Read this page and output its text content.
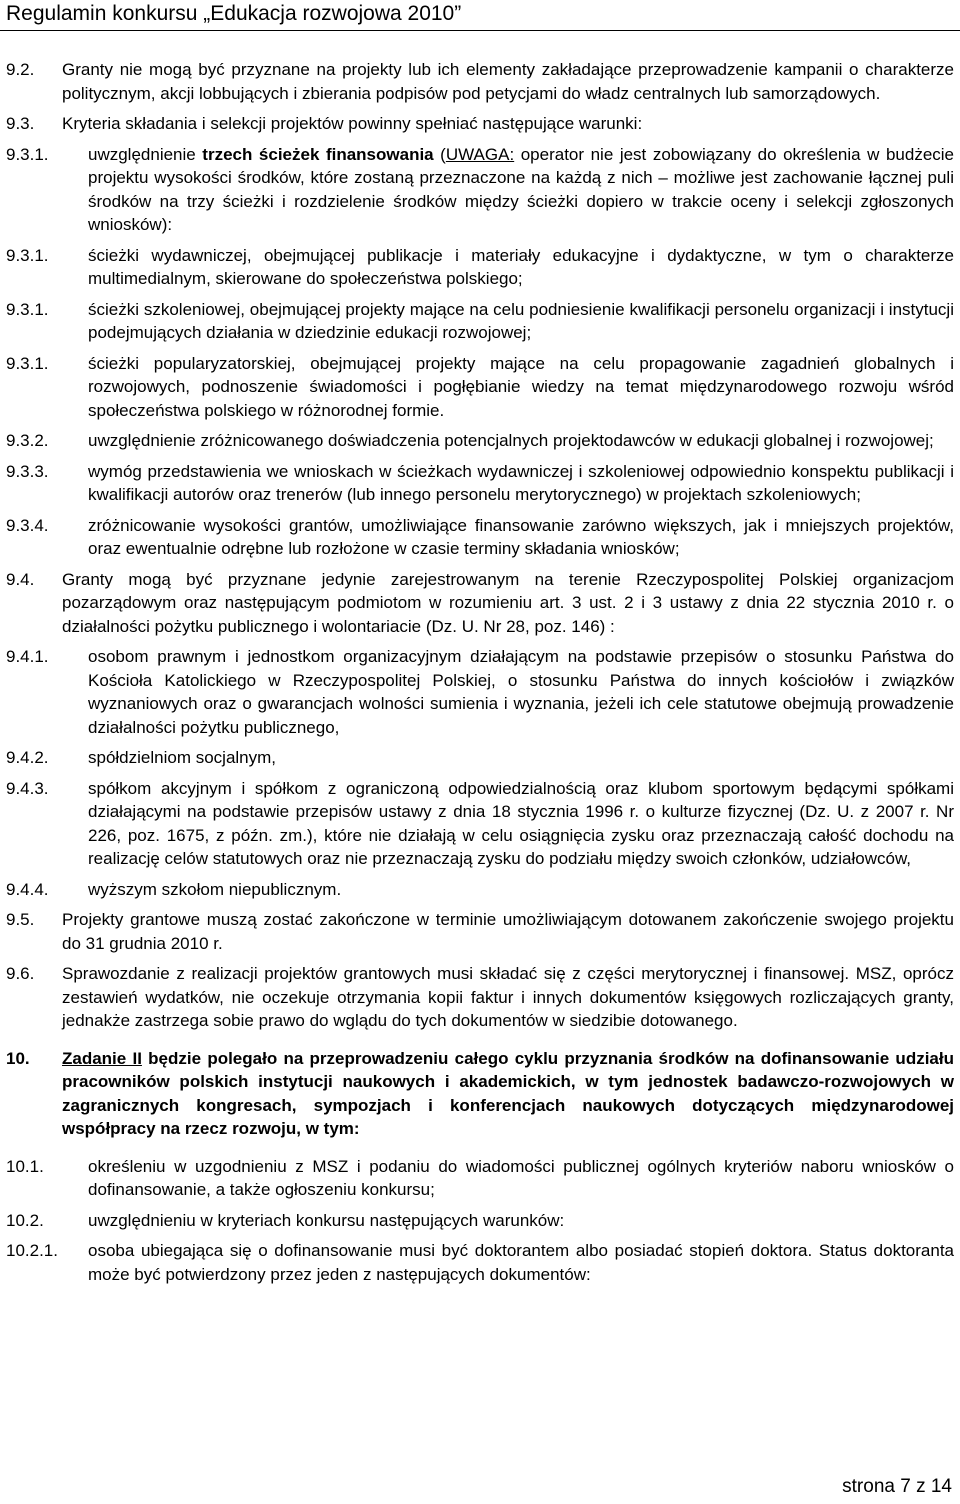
Regulamin konkursu „Edukacja rozwojowa 2010”
9.2.	Granty nie mogą być przyznane na projekty lub ich elementy zakładające przeprowadzenie kampanii o charakterze politycznym, akcji lobbujących i zbierania podpisów pod petycjami do władz centralnych lub samorządowych.
9.3.	Kryteria składania i selekcji projektów powinny spełniać następujące warunki:
9.3.1.	uwzględnienie trzech ścieżek finansowania (UWAGA: operator nie jest zobowiązany do określenia w budżecie projektu wysokości środków, które zostaną przeznaczone na każdą z nich – możliwe jest zachowanie łącznej puli środków na trzy ścieżki i rozdzielenie środków między ścieżki dopiero w trakcie oceny i selekcji zgłoszonych wniosków):
9.3.1.	ścieżki wydawniczej, obejmującej publikacje i materiały edukacyjne i dydaktyczne, w tym o charakterze multimedialnym, skierowane do społeczeństwa polskiego;
9.3.1.	ścieżki szkoleniowej, obejmującej projekty mające na celu podniesienie kwalifikacji personelu organizacji i instytucji podejmujących działania w dziedzinie edukacji rozwojowej;
9.3.1.	ścieżki popularyzatorskiej, obejmującej projekty mające na celu propagowanie zagadnień globalnych i rozwojowych, podnoszenie świadomości i pogłębianie wiedzy na temat międzynarodowego rozwoju wśród społeczeństwa polskiego w różnorodnej formie.
9.3.2.	uwzględnienie zróżnicowanego doświadczenia potencjalnych projektodawców w edukacji globalnej i rozwojowej;
9.3.3.	wymóg przedstawienia we wnioskach w ścieżkach wydawniczej i szkoleniowej odpowiednio konspektu publikacji i kwalifikacji autorów oraz trenerów (lub innego personelu merytorycznego) w projektach szkoleniowych;
9.3.4.	zróżnicowanie wysokości grantów, umożliwiające finansowanie zarówno większych, jak i mniejszych projektów, oraz ewentualnie odrębne lub rozłożone w czasie terminy składania wniosków;
9.4.	Granty mogą być przyznane jedynie zarejestrowanym na terenie Rzeczypospolitej Polskiej organizacjom pozarządowym oraz następującym podmiotom w rozumieniu art. 3 ust. 2 i 3 ustawy z dnia 22 stycznia 2010 r. o działalności pożytku publicznego i wolontariacie (Dz. U. Nr 28, poz. 146) :
9.4.1.	osobom prawnym i jednostkom organizacyjnym działającym na podstawie przepisów o stosunku Państwa do Kościoła Katolickiego w Rzeczypospolitej Polskiej, o stosunku Państwa do innych kościołów i związków wyznaniowych oraz o gwarancjach wolności sumienia i wyznania, jeżeli ich cele statutowe obejmują prowadzenie działalności pożytku publicznego,
9.4.2.	spółdzielniom socjalnym,
9.4.3.	spółkom akcyjnym i spółkom z ograniczoną odpowiedzialnością oraz klubom sportowym będącymi spółkami działającymi na podstawie przepisów ustawy z dnia 18 stycznia 1996 r. o kulturze fizycznej (Dz. U. z 2007 r. Nr 226, poz. 1675, z późn. zm.), które nie działają w celu osiągnięcia zysku oraz przeznaczają całość dochodu na realizację celów statutowych oraz nie przeznaczają zysku do podziału między swoich członków, udziałowców,
9.4.4.	wyższym szkołom niepublicznym.
9.5.	Projekty grantowe muszą zostać zakończone w terminie umożliwiającym dotowanem zakończenie swojego projektu do 31 grudnia 2010 r.
9.6.	Sprawozdanie z realizacji projektów grantowych musi składać się z części merytorycznej i finansowej. MSZ, oprócz zestawień wydatków, nie oczekuje otrzymania kopii faktur i innych dokumentów księgowych rozliczających granty, jednakże zastrzega sobie prawo do wglądu do tych dokumentów w siedzibie dotowanego.
10.	Zadanie II będzie polegało na przeprowadzeniu całego cyklu przyznania środków na dofinansowanie udziału pracowników polskich instytucji naukowych i akademickich, w tym jednostek badawczo-rozwojowych w zagranicznych kongresach, sympozjach i konferencjach naukowych dotyczących międzynarodowej współpracy na rzecz rozwoju, w tym:
10.1.	określeniu w uzgodnieniu z MSZ i podaniu do wiadomości publicznej ogólnych kryteriów naboru wniosków o dofinansowanie, a także ogłoszeniu konkursu;
10.2.	uwzględnieniu w kryteriach konkursu następujących warunków:
10.2.1.	osoba ubiegająca się o dofinansowanie musi być doktorantem albo posiadać stopień doktora. Status doktoranta może być potwierdzony przez jeden z następujących dokumentów:
strona 7 z 14
